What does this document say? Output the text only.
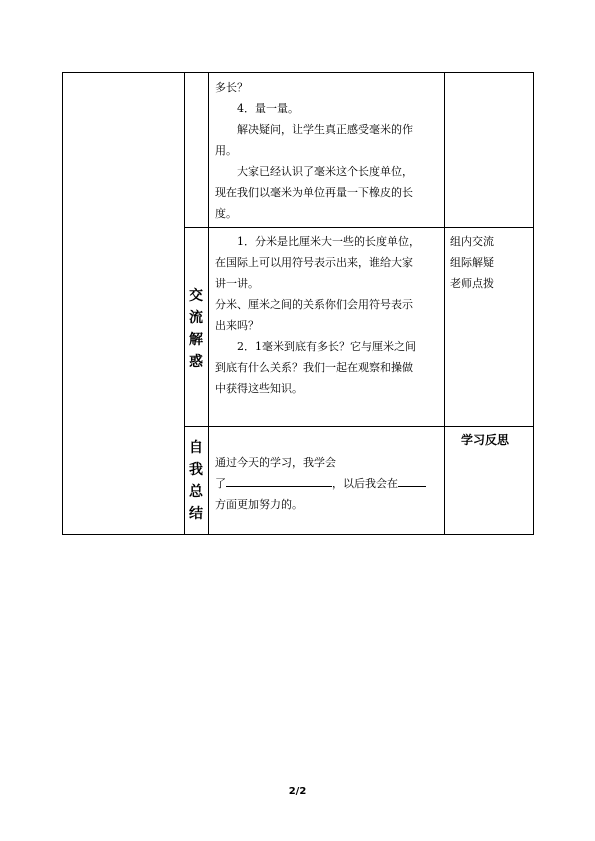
多长？

4．量一量。

解决疑问，让学生真正感受毫米的作

用。

大家已经认识了毫米这个长度单位，

现在我们以毫米为单位再量一下橡皮的长

度。

交
流
解
惑

1．分米是比厘米大一些的长度单位，

在国际上可以用符号表示出来，谁给大家

讲一讲。

分米、厘米之间的关系你们会用符号表示

出来吗？

2．1毫米到底有多长？它与厘米之间

到底有什么关系？我们一起在观察和操做

中获得这些知识。

组内交流

组际解疑

老师点拨

自
我
总
结

通过今天的学习，我学会

了	，以后我会在

方面更加努力的。

学习反思
2/2
